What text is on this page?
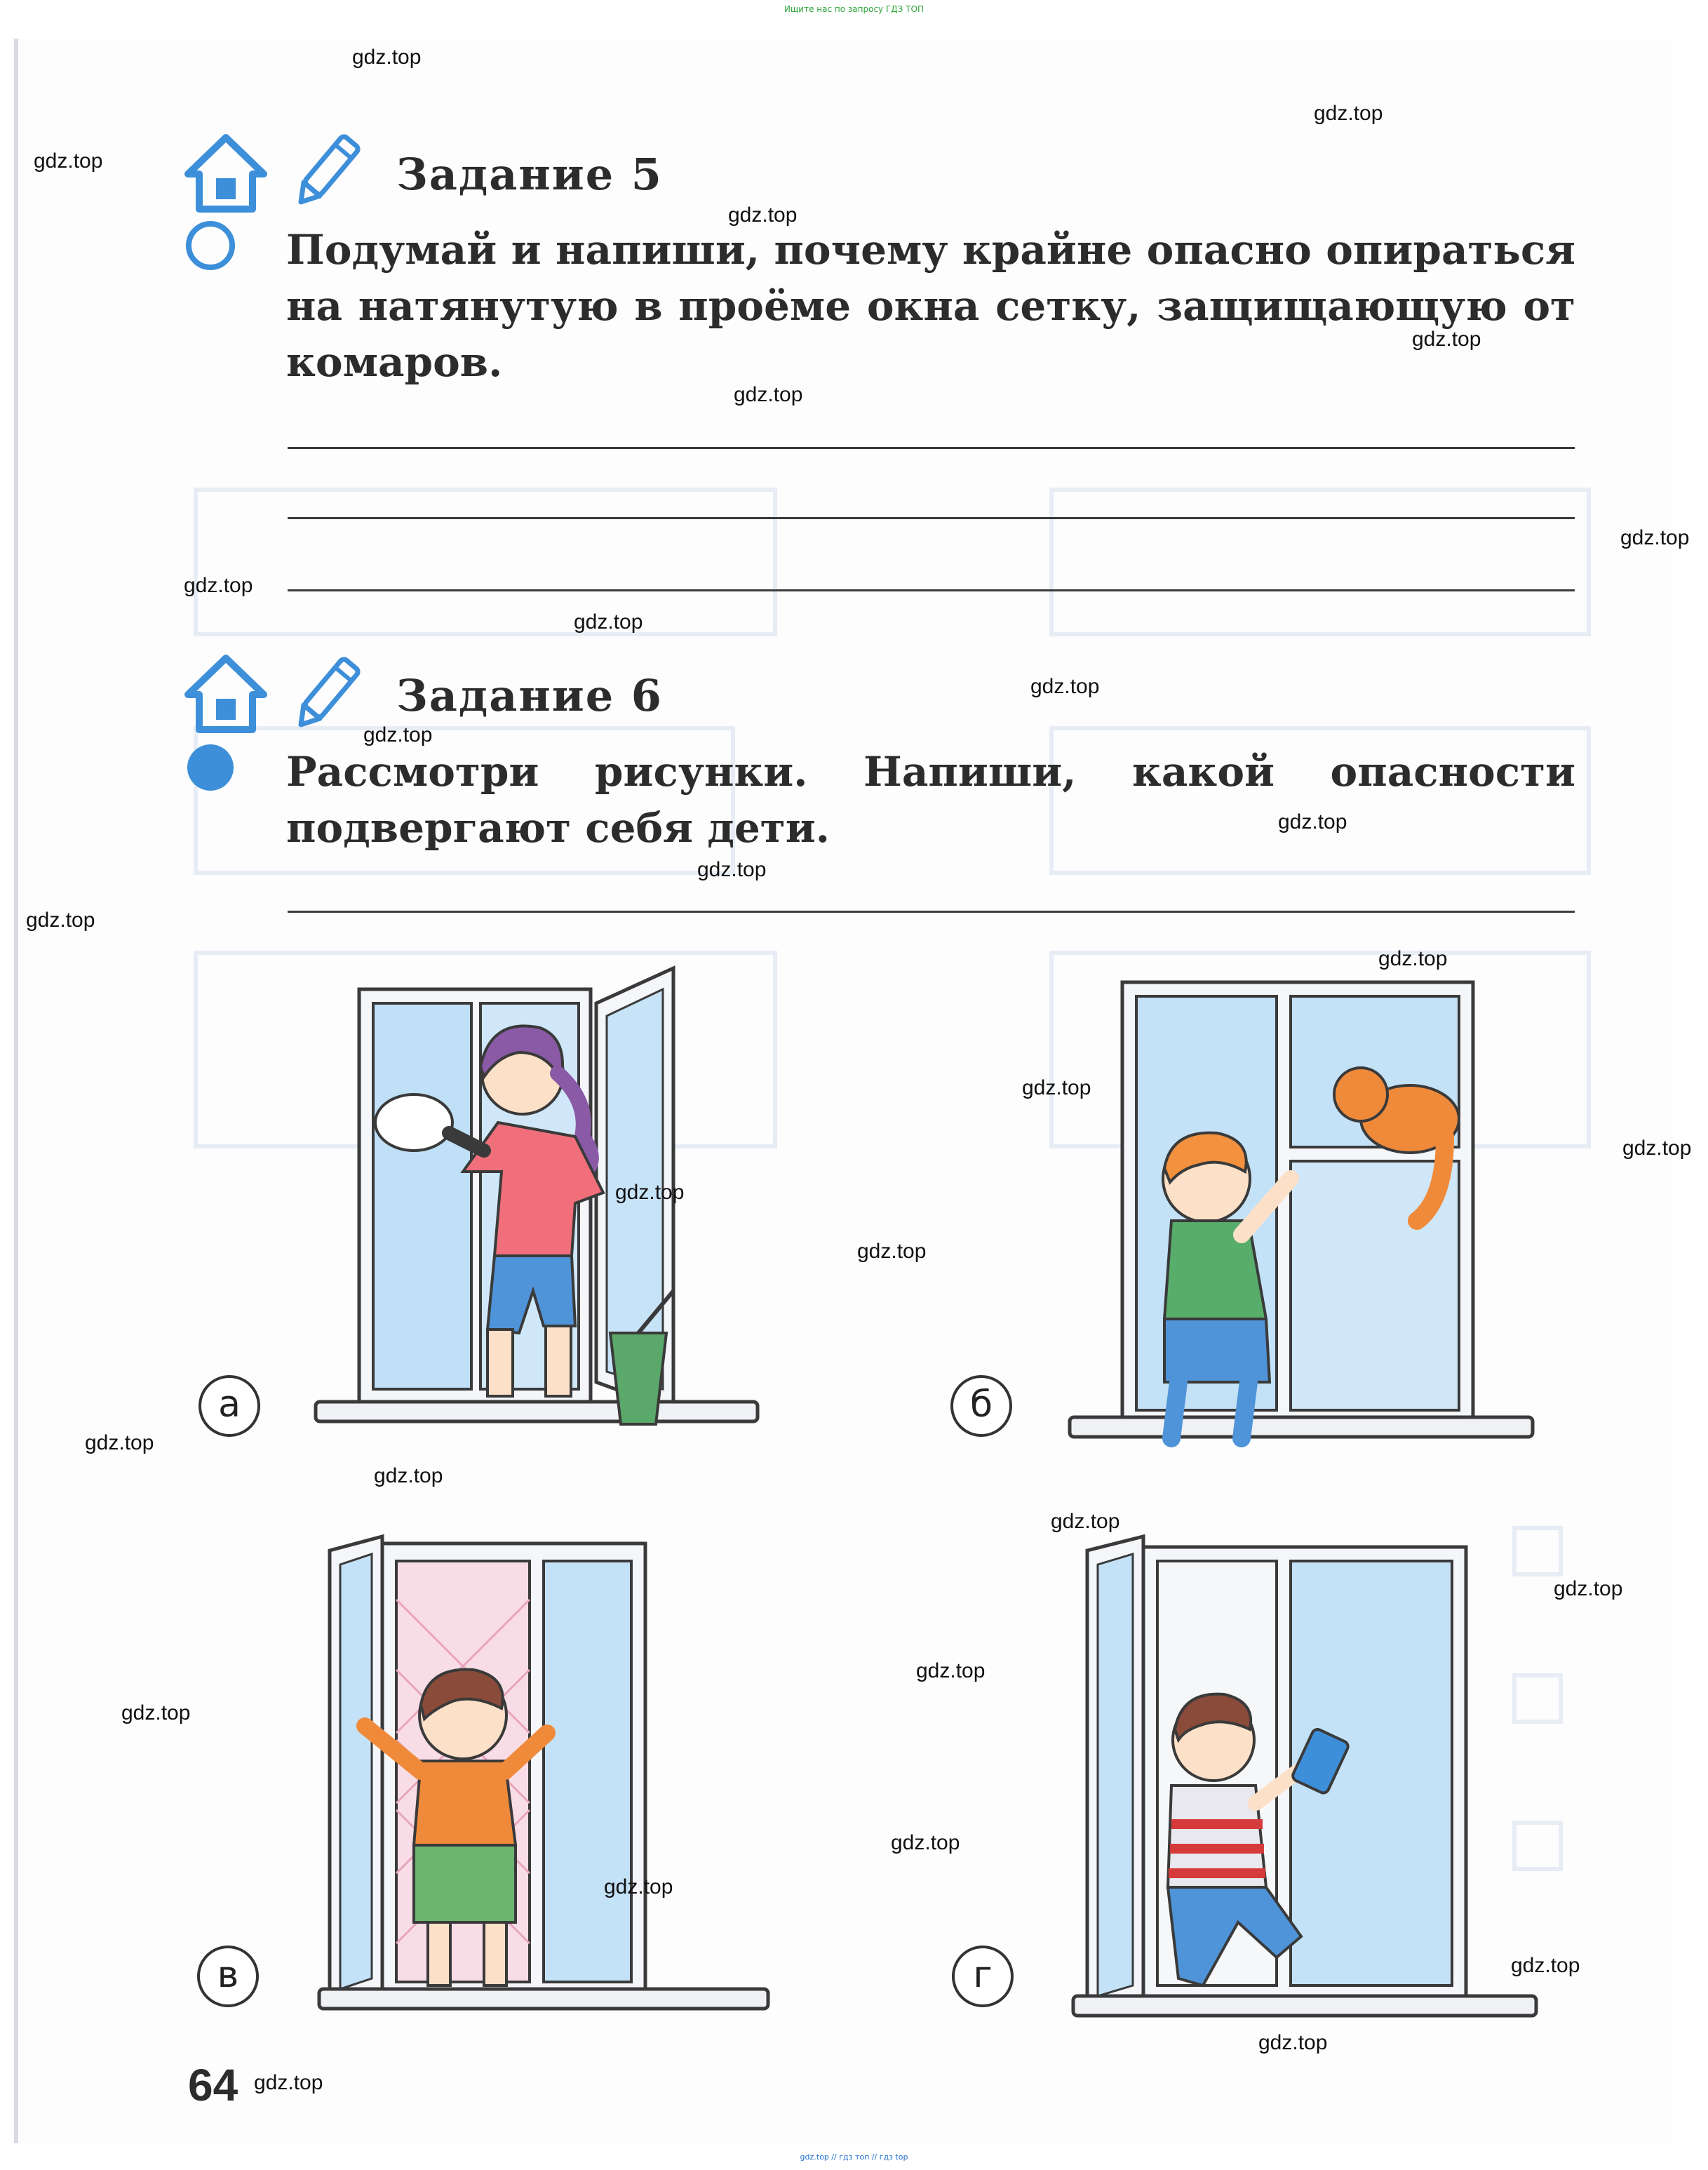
Ищите нас по запросу ГДЗ ТОП
Задание 5
Подумай и напиши, почему крайне опасно опираться на натянутую в проёме окна сетку, защищающую от комаров.
Задание 6
Рассмотри рисунки. Напиши, какой опасности подвергают себя дети.
а	б
в	г
64
gdz.top
gdz.top
gdz.top
gdz.top
gdz.top
gdz.top
gdz.top
gdz.top
gdz.top
gdz.top
gdz.top
gdz.top
gdz.top
gdz.top
gdz.top
gdz.top
gdz.top
gdz.top
gdz.top
gdz.top
gdz.top
gdz.top
gdz.top
gdz.top
gdz.top
gdz.top
gdz.top
gdz.top
gdz.top
gdz.top
gdz.top // гдз топ // гдз top
